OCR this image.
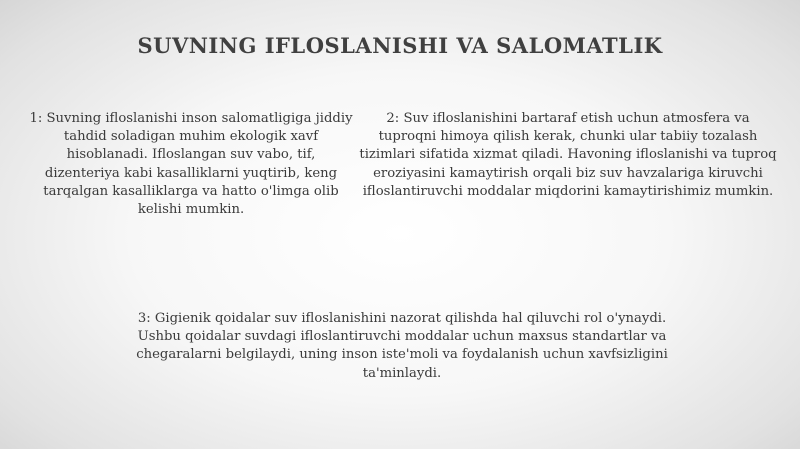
SUVNING IFLOSLANISHI VA SALOMATLIK

1: Suvning ifloslanishi inson salomatligiga jiddiy tahdid soladigan muhim ekologik xavf hisoblanadi. Ifloslangan suv vabo, tif, dizenteriya kabi kasalliklarni yuqtirib, keng tarqalgan kasalliklarga va hatto o'limga olib kelishi mumkin.

2: Suv ifloslanishini bartaraf etish uchun atmosfera va tuproqni himoya qilish kerak, chunki ular tabiiy tozalash tizimlari sifatida xizmat qiladi. Havoning ifloslanishi va tuproq eroziyasini kamaytirish orqali biz suv havzalariga kiruvchi ifloslantiruvchi moddalar miqdorini kamaytirishimiz mumkin.

3: Gigienik qoidalar suv ifloslanishini nazorat qilishda hal qiluvchi rol o'ynaydi. Ushbu qoidalar suvdagi ifloslantiruvchi moddalar uchun maxsus standartlar va chegaralarni belgilaydi, uning inson iste'moli va foydalanish uchun xavfsizligini ta'minlaydi.
